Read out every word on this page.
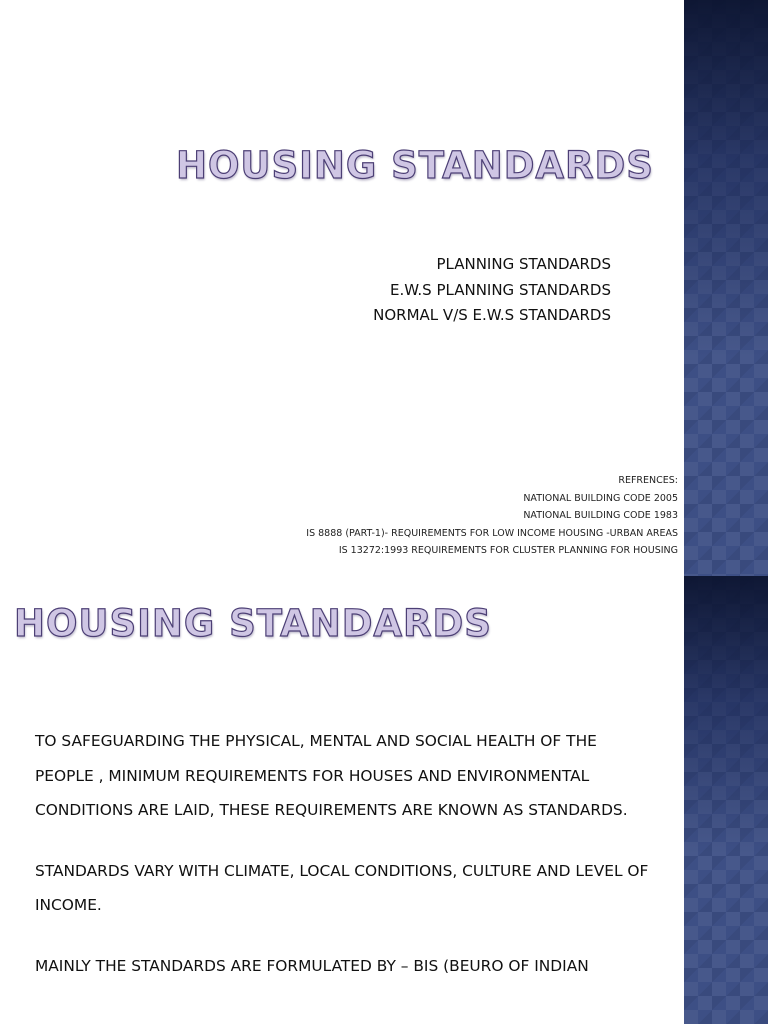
HOUSING STANDARDS
PLANNING STANDARDS
E.W.S PLANNING STANDARDS
NORMAL V/S E.W.S STANDARDS
REFRENCES:
NATIONAL BUILDING CODE 2005
NATIONAL BUILDING CODE 1983
IS 8888 (PART-1)- REQUIREMENTS FOR LOW INCOME HOUSING -URBAN AREAS
IS 13272:1993 REQUIREMENTS FOR CLUSTER PLANNING FOR HOUSING
HOUSING STANDARDS

TO SAFEGUARDING THE PHYSICAL, MENTAL AND SOCIAL HEALTH OF THE PEOPLE , MINIMUM REQUIREMENTS FOR HOUSES AND ENVIRONMENTAL CONDITIONS ARE LAID, THESE REQUIREMENTS ARE KNOWN AS STANDARDS.

STANDARDS VARY WITH CLIMATE, LOCAL CONDITIONS, CULTURE AND LEVEL OF INCOME.

MAINLY THE STANDARDS ARE FORMULATED BY – BIS (BEURO OF INDIAN
